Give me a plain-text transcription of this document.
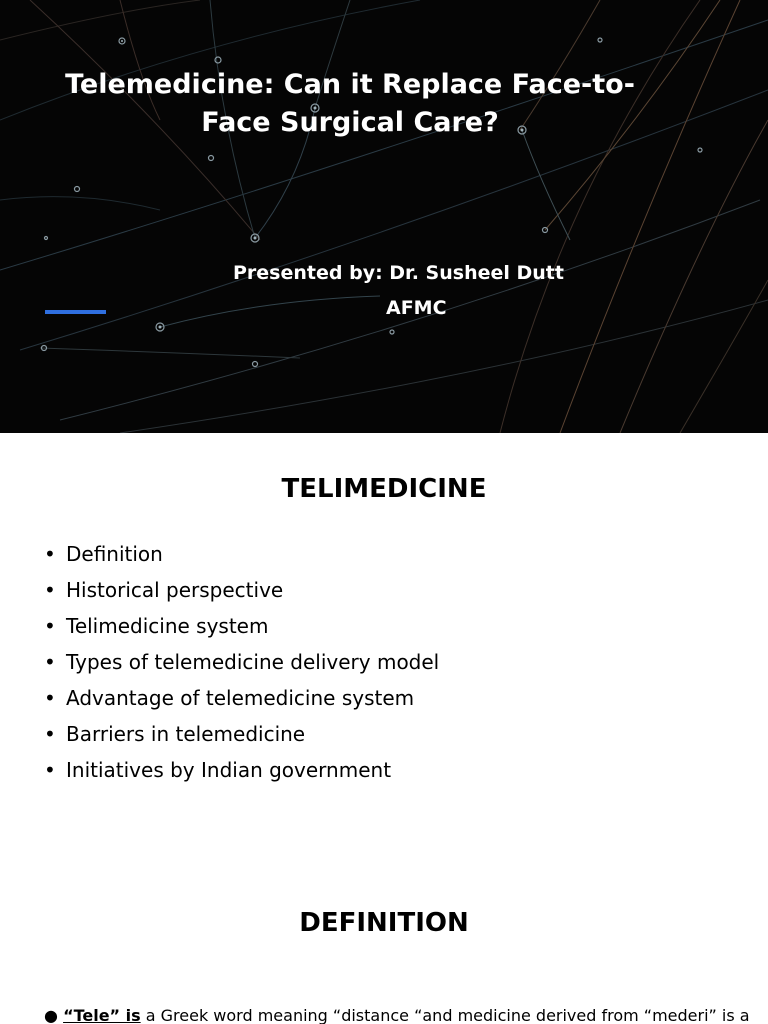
Telemedicine: Can it Replace Face-to-Face Surgical Care?
Presented by: Dr. Susheel Dutt
AFMC
TELIMEDICINE
• Definition
• Historical perspective
• Telimedicine system
• Types of telemedicine delivery model
• Advantage of telemedicine system
• Barriers in telemedicine
• Initiatives by Indian government
DEFINITION

● “Tele” is a Greek word meaning “distance “and medicine derived from “mederi” is a
